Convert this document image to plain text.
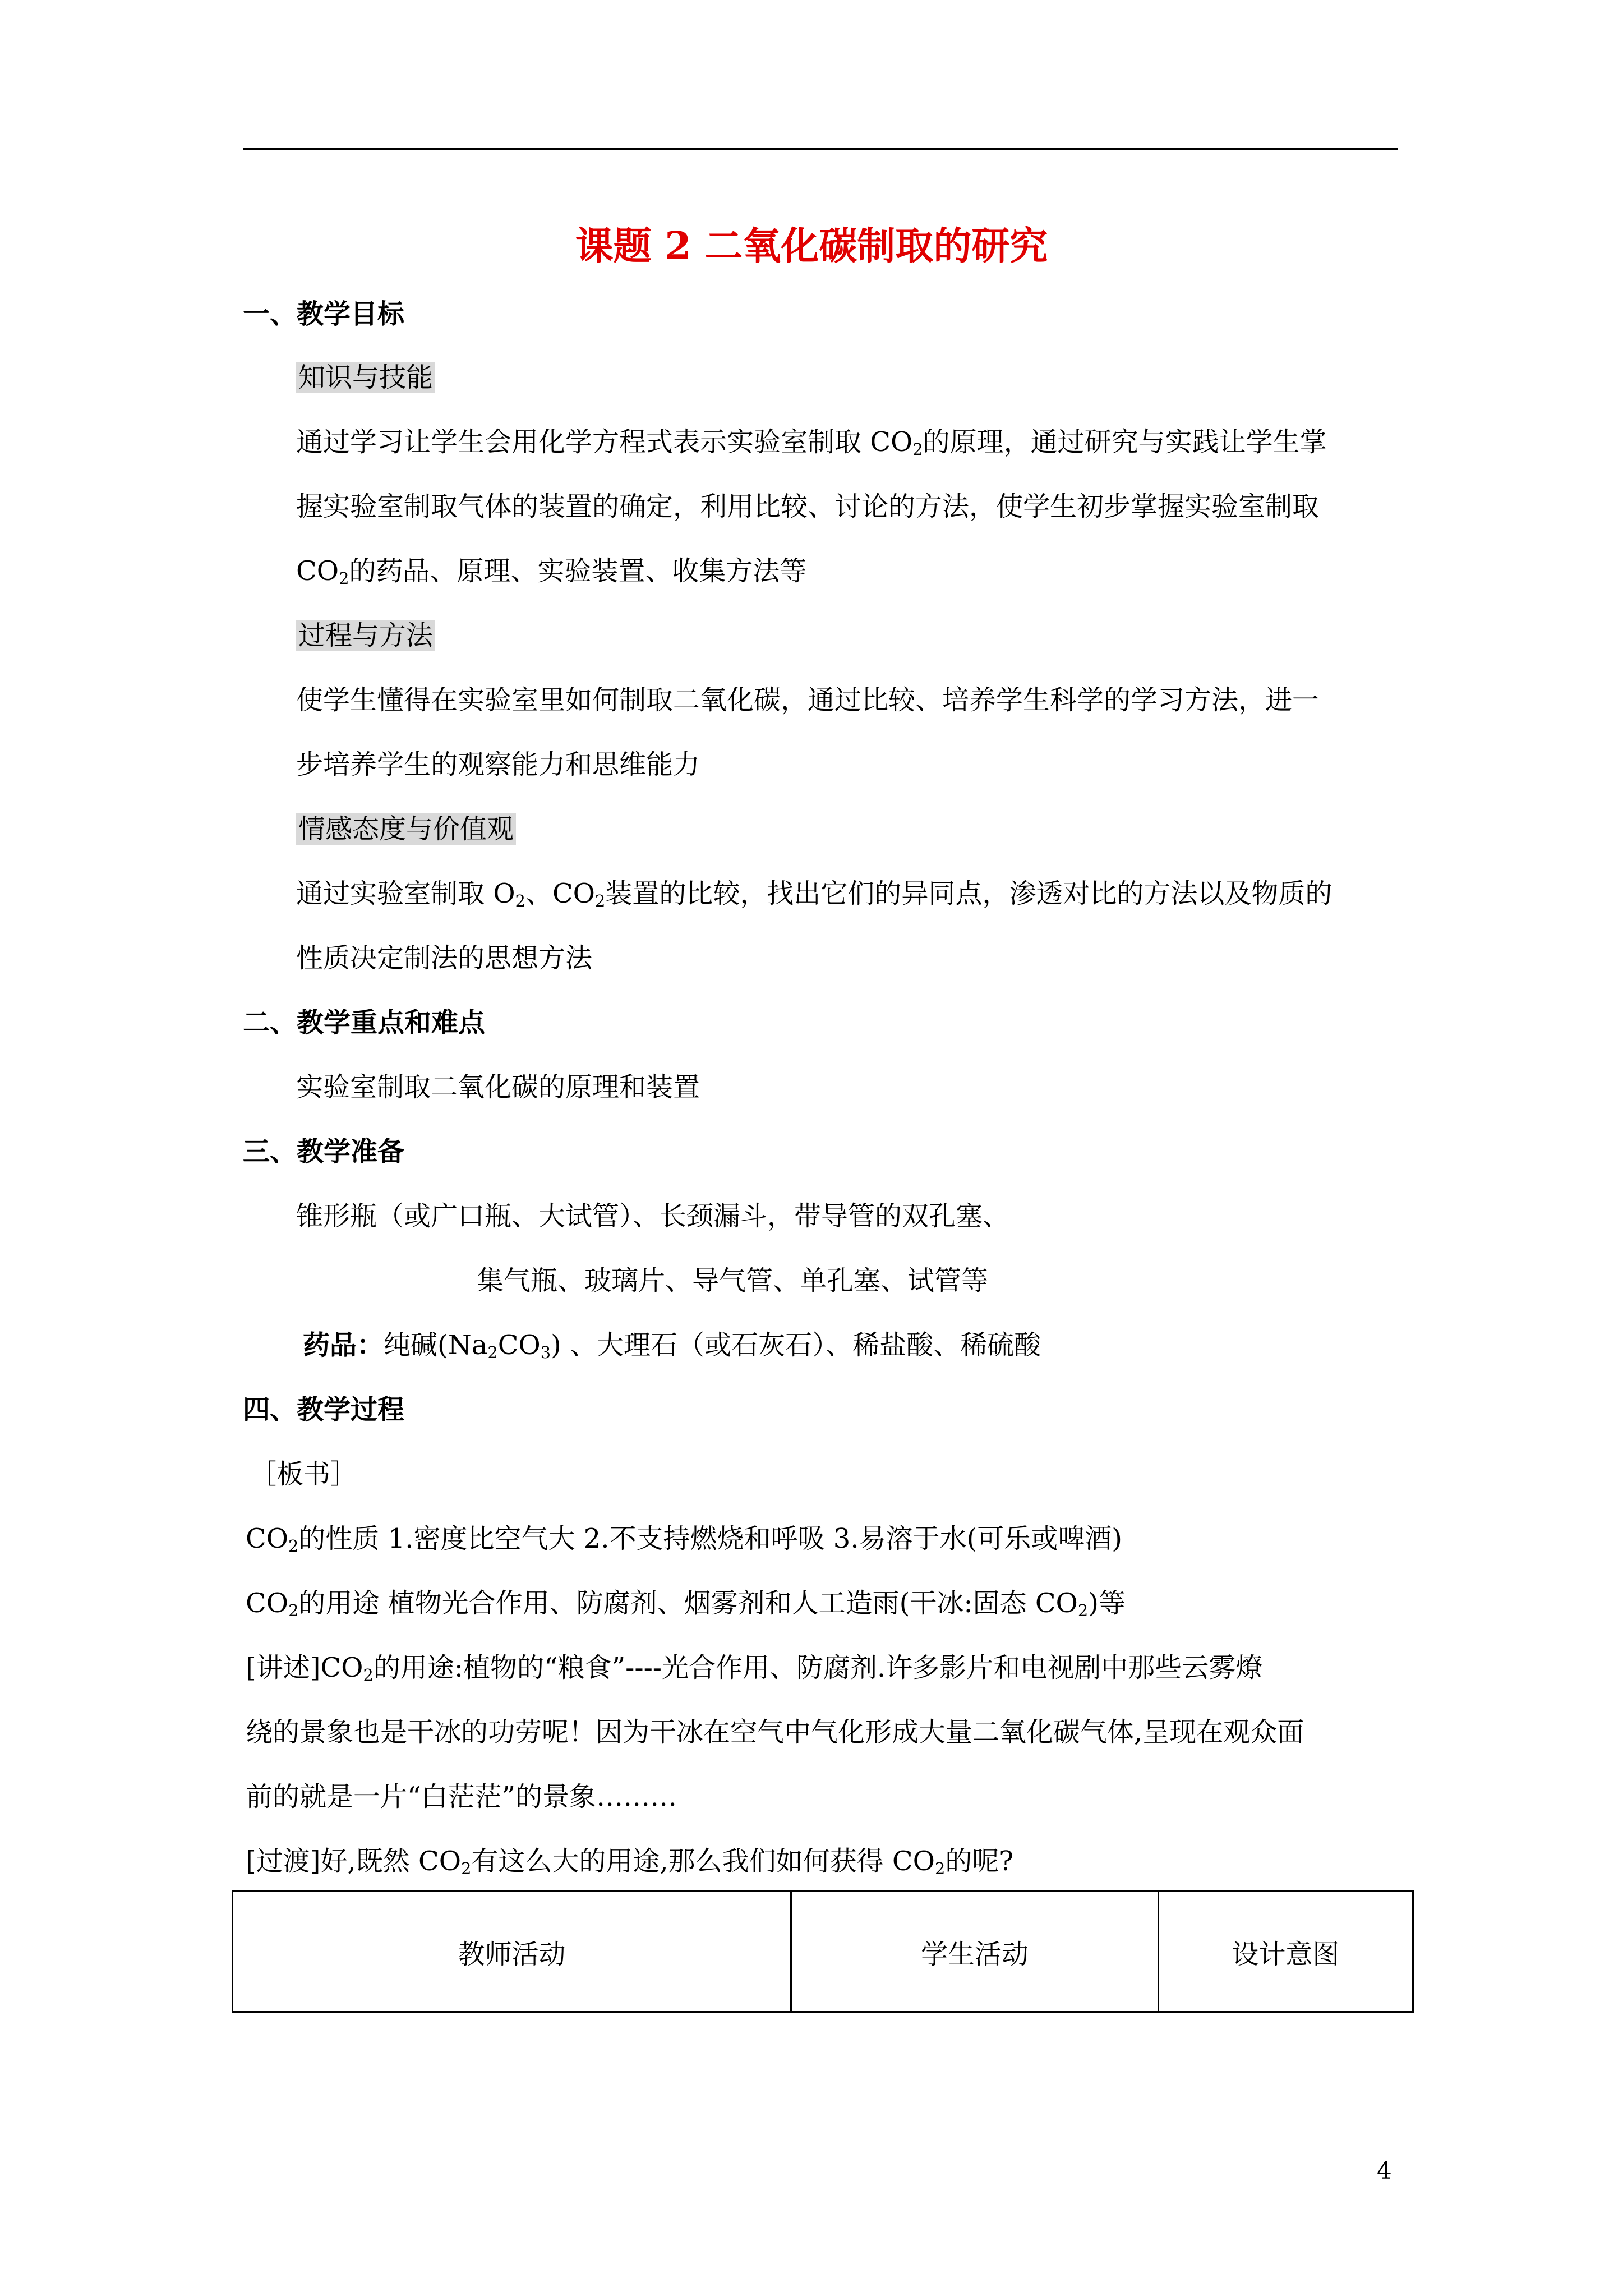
课题 2 二氧化碳制取的研究
一、教学目标
知识与技能
通过学习让学生会用化学方程式表示实验室制取 $CO_2$的原理，通过研究与实践让学生掌
握实验室制取气体的装置的确定，利用比较、讨论的方法，使学生初步掌握实验室制取
$CO_2$的药品、原理、实验装置、收集方法等
过程与方法
使学生懂得在实验室里如何制取二氧化碳，通过比较、培养学生科学的学习方法，进一
步培养学生的观察能力和思维能力
情感态度与价值观
通过实验室制取 $O_2$、$CO_2$装置的比较，找出它们的异同点，渗透对比的方法以及物质的
性质决定制法的思想方法
二、教学重点和难点
实验室制取二氧化碳的原理和装置
三、教学准备
锥形瓶（或广口瓶、大试管）、长颈漏斗，带导管的双孔塞、
集气瓶、玻璃片、导气管、单孔塞、试管等
药品：纯碱$(Na_2CO_3)$ 、大理石（或石灰石）、稀盐酸、稀硫酸
四、教学过程
［板书］
$CO_2$的性质 1.密度比空气大 2.不支持燃烧和呼吸 3.易溶于水(可乐或啤酒)
$CO_2$的用途 植物光合作用、防腐剂、烟雾剂和人工造雨(干冰:固态 $CO_2$)等
[讲述]$CO_2$的用途:植物的“粮食”----光合作用、防腐剂.许多影片和电视剧中那些云雾燎
绕的景象也是干冰的功劳呢！因为干冰在空气中气化形成大量二氧化碳气体,呈现在观众面
前的就是一片“白茫茫”的景象………
[过渡]好,既然 $CO_2$有这么大的用途,那么我们如何获得 $CO_2$的呢?
教师活动	学生活动	设计意图
4
